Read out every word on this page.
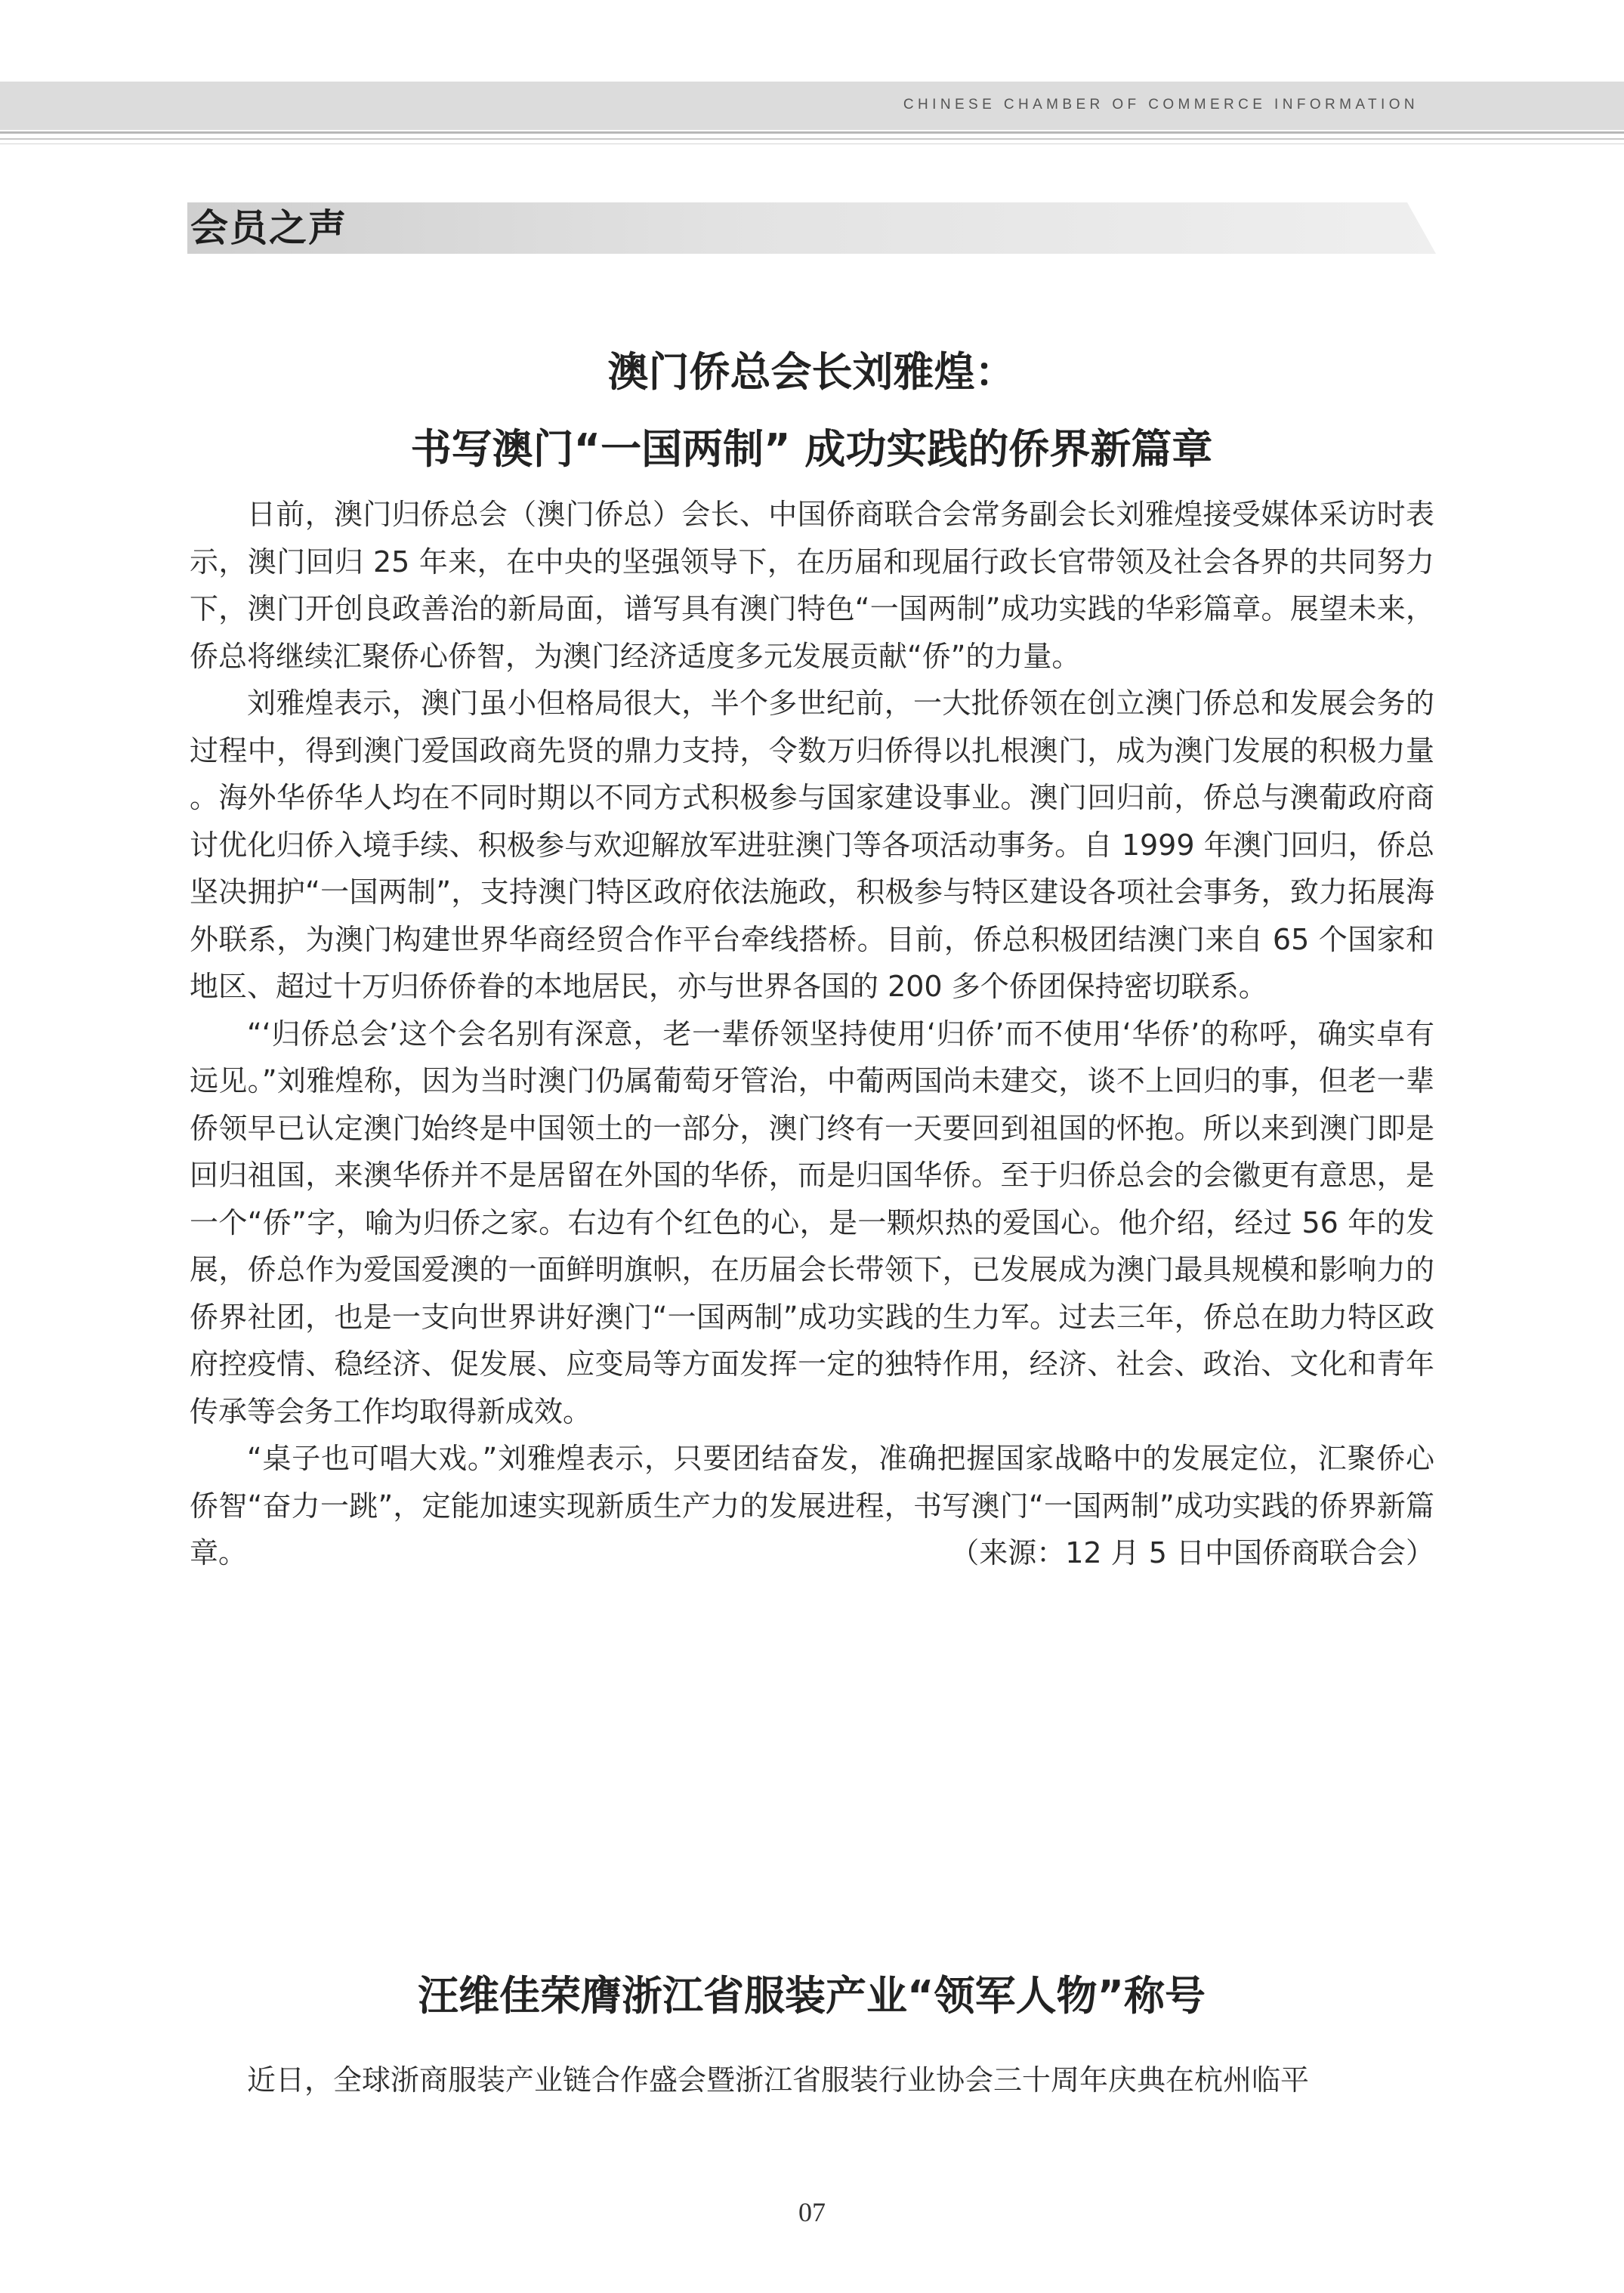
CHINESE CHAMBER OF COMMERCE INFORMATION
会员之声
澳门侨总会长刘雅煌：
书写澳门“一国两制” 成功实践的侨界新篇章

日前，澳门归侨总会（澳门侨总）会长、中国侨商联合会常务副会长刘雅煌接受媒体采访时表示，澳门回归 25 年来，在中央的坚强领导下，在历届和现届行政长官带领及社会各界的共同努力下，澳门开创良政善治的新局面，谱写具有澳门特色“一国两制”成功实践的华彩篇章。展望未来，侨总将继续汇聚侨心侨智，为澳门经济适度多元发展贡献“侨”的力量。

刘雅煌表示，澳门虽小但格局很大，半个多世纪前，一大批侨领在创立澳门侨总和发展会务的过程中，得到澳门爱国政商先贤的鼎力支持，令数万归侨得以扎根澳门，成为澳门发展的积极力量。海外华侨华人均在不同时期以不同方式积极参与国家建设事业。澳门回归前，侨总与澳葡政府商讨优化归侨入境手续、积极参与欢迎解放军进驻澳门等各项活动事务。自 1999 年澳门回归，侨总坚决拥护“一国两制”，支持澳门特区政府依法施政，积极参与特区建设各项社会事务，致力拓展海外联系，为澳门构建世界华商经贸合作平台牵线搭桥。目前，侨总积极团结澳门来自 65 个国家和地区、超过十万归侨侨眷的本地居民，亦与世界各国的 200 多个侨团保持密切联系。

“‘归侨总会’这个会名别有深意，老一辈侨领坚持使用‘归侨’而不使用‘华侨’的称呼，确实卓有远见。”刘雅煌称，因为当时澳门仍属葡萄牙管治，中葡两国尚未建交，谈不上回归的事，但老一辈侨领早已认定澳门始终是中国领土的一部分，澳门终有一天要回到祖国的怀抱。所以来到澳门即是回归祖国，来澳华侨并不是居留在外国的华侨，而是归国华侨。至于归侨总会的会徽更有意思，是一个“侨”字，喻为归侨之家。右边有个红色的心，是一颗炽热的爱国心。他介绍，经过 56 年的发展，侨总作为爱国爱澳的一面鲜明旗帜，在历届会长带领下，已发展成为澳门最具规模和影响力的侨界社团，也是一支向世界讲好澳门“一国两制”成功实践的生力军。过去三年，侨总在助力特区政府控疫情、稳经济、促发展、应变局等方面发挥一定的独特作用，经济、社会、政治、文化和青年传承等会务工作均取得新成效。

“桌子也可唱大戏。”刘雅煌表示，只要团结奋发，准确把握国家战略中的发展定位，汇聚侨心侨智“奋力一跳”，定能加速实现新质生产力的发展进程，书写澳门“一国两制”成功实践的侨界新篇章。	（来源：12 月 5 日中国侨商联合会）

汪维佳荣膺浙江省服装产业“领军人物”称号

近日，全球浙商服装产业链合作盛会暨浙江省服装行业协会三十周年庆典在杭州临平

07
